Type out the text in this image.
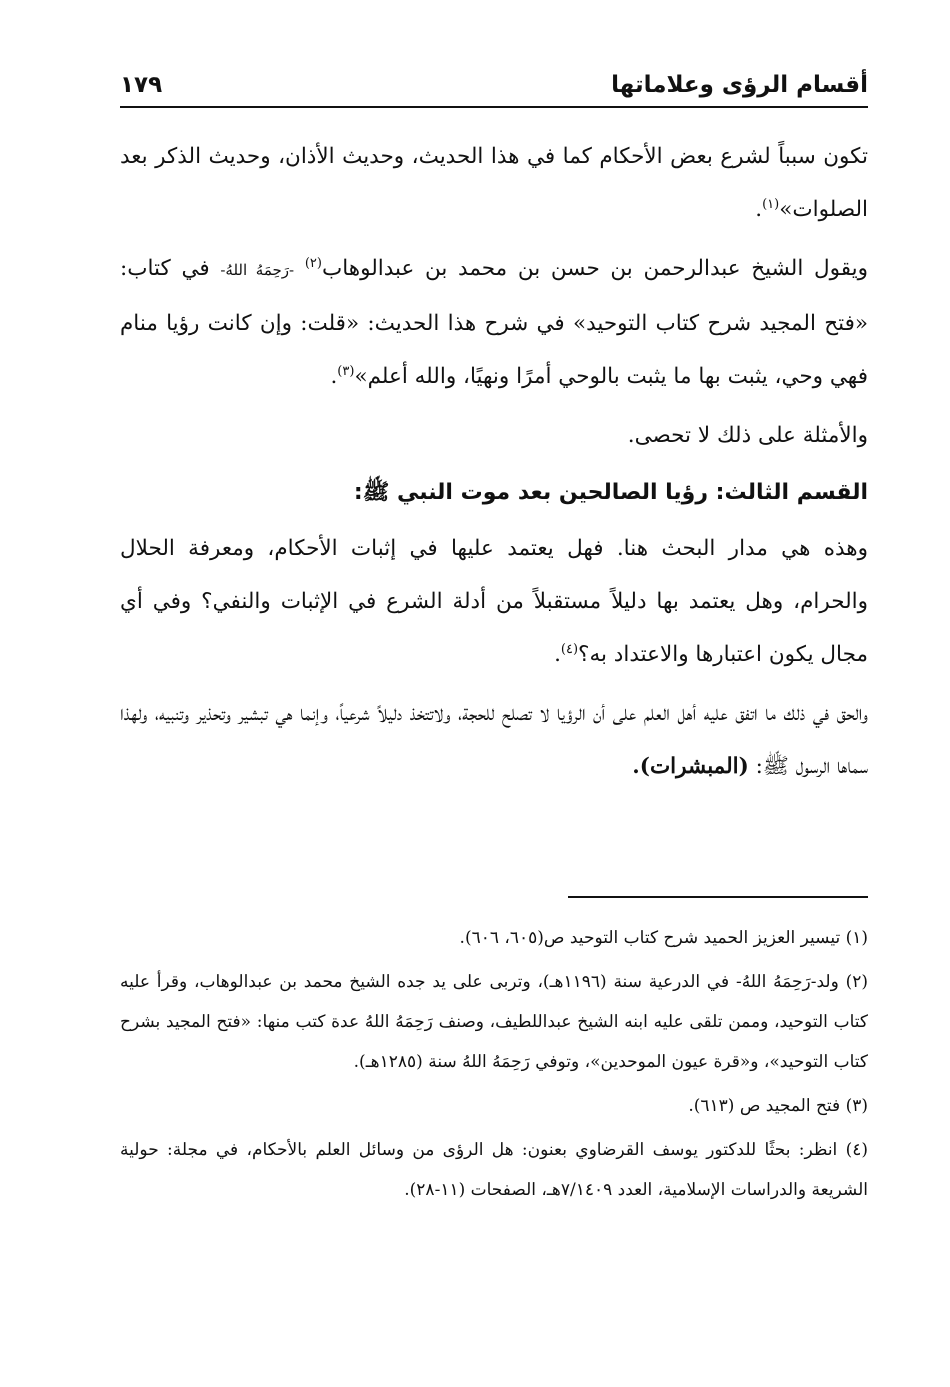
أقسام الرؤى وعلاماتها
١٧٩

تكون سبباً لشرع بعض الأحكام كما في هذا الحديث، وحديث الأذان، وحديث الذكر بعد الصلوات»$^{(١)}$.

ويقول الشيخ عبدالرحمن بن حسن بن محمد بن عبدالوهاب$^{(٢)}$ -رَحِمَهُ اللهُ- في كتاب: «فتح المجيد شرح كتاب التوحيد» في شرح هذا الحديث: «قلت: وإن كانت رؤيا منام فهي وحي، يثبت بها ما يثبت بالوحي أمرًا ونهيًا، والله أعلم»$^{(٣)}$.

والأمثلة على ذلك لا تحصى.

القسم الثالث: رؤيا الصالحين بعد موت النبي ﷺ:

وهذه هي مدار البحث هنا. فهل يعتمد عليها في إثبات الأحكام، ومعرفة الحلال والحرام، وهل يعتمد بها دليلاً مستقبلاً من أدلة الشرع في الإثبات والنفي؟ وفي أي مجال يكون اعتبارها والاعتداد به؟$^{(٤)}$.

والحق في ذلك ما اتفق عليه أهل العلم على أن الرؤيا لا تصلح للحجة، ولاتتخذ دليلاً شرعياً، وإنما هي تبشير وتحذير وتنبيه، ولهذا سماها الرسول ﷺ: (المبشرات).

(١) تيسير العزيز الحميد شرح كتاب التوحيد ص(٦٠٥، ٦٠٦).

(٢) ولد-رَحِمَهُ اللهُ- في الدرعية سنة (١١٩٦هـ)، وتربى على يد جده الشيخ محمد بن عبدالوهاب، وقرأ عليه كتاب التوحيد، وممن تلقى عليه ابنه الشيخ عبداللطيف، وصنف رَحِمَهُ اللهُ عدة كتب منها: «فتح المجيد بشرح كتاب التوحيد»، و«قرة عيون الموحدين»، وتوفي رَحِمَهُ اللهُ سنة (١٢٨٥هـ).

(٣) فتح المجيد ص (٦١٣).

(٤) انظر: بحثًا للدكتور يوسف القرضاوي بعنون: هل الرؤى من وسائل العلم بالأحكام، في مجلة: حولية الشريعة والدراسات الإسلامية، العدد ٧/١٤٠٩هـ، الصفحات (١١-٢٨).
